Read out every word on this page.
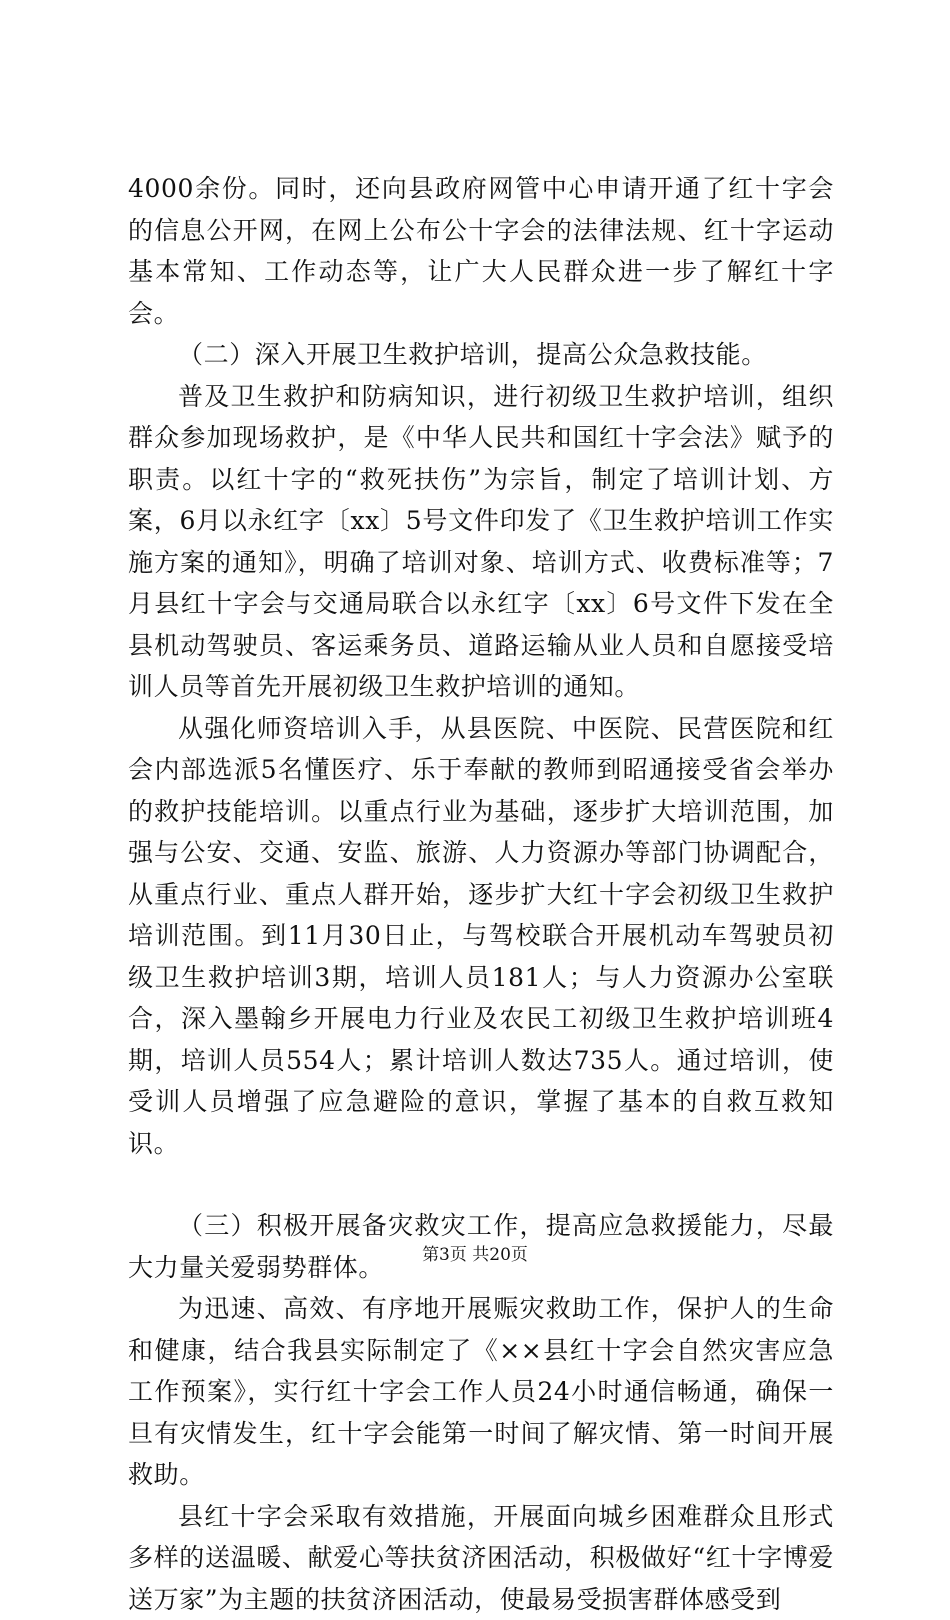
4000余份。同时，还向县政府网管中心申请开通了红十字会的信息公开网，在网上公布公十字会的法律法规、红十字运动基本常知、工作动态等，让广大人民群众进一步了解红十字会。

（二）深入开展卫生救护培训，提高公众急救技能。

普及卫生救护和防病知识，进行初级卫生救护培训，组织群众参加现场救护，是《中华人民共和国红十字会法》赋予的职责。以红十字的“救死扶伤”为宗旨，制定了培训计划、方案，6月以永红字〔xx〕5号文件印发了《卫生救护培训工作实施方案的通知》，明确了培训对象、培训方式、收费标准等；7月县红十字会与交通局联合以永红字〔xx〕6号文件下发在全县机动驾驶员、客运乘务员、道路运输从业人员和自愿接受培训人员等首先开展初级卫生救护培训的通知。

从强化师资培训入手，从县医院、中医院、民营医院和红会内部选派5名懂医疗、乐于奉献的教师到昭通接受省会举办的救护技能培训。以重点行业为基础，逐步扩大培训范围，加强与公安、交通、安监、旅游、人力资源办等部门协调配合，从重点行业、重点人群开始，逐步扩大红十字会初级卫生救护培训范围。到11月30日止，与驾校联合开展机动车驾驶员初级卫生救护培训3期，培训人员181人；与人力资源办公室联合，深入墨翰乡开展电力行业及农民工初级卫生救护培训班4期，培训人员554人；累计培训人数达735人。通过培训，使受训人员增强了应急避险的意识，掌握了基本的自救互救知识。

（三）积极开展备灾救灾工作，提高应急救援能力，尽最大力量关爱弱势群体。

为迅速、高效、有序地开展赈灾救助工作，保护人的生命和健康，结合我县实际制定了《××县红十字会自然灾害应急工作预案》，实行红十字会工作人员24小时通信畅通，确保一旦有灾情发生，红十字会能第一时间了解灾情、第一时间开展救助。

县红十字会采取有效措施，开展面向城乡困难群众且形式多样的送温暖、献爱心等扶贫济困活动，积极做好“红十字博爱送万家”为主题的扶贫济困活动，使最易受损害群体感受到

第3页 共20页
